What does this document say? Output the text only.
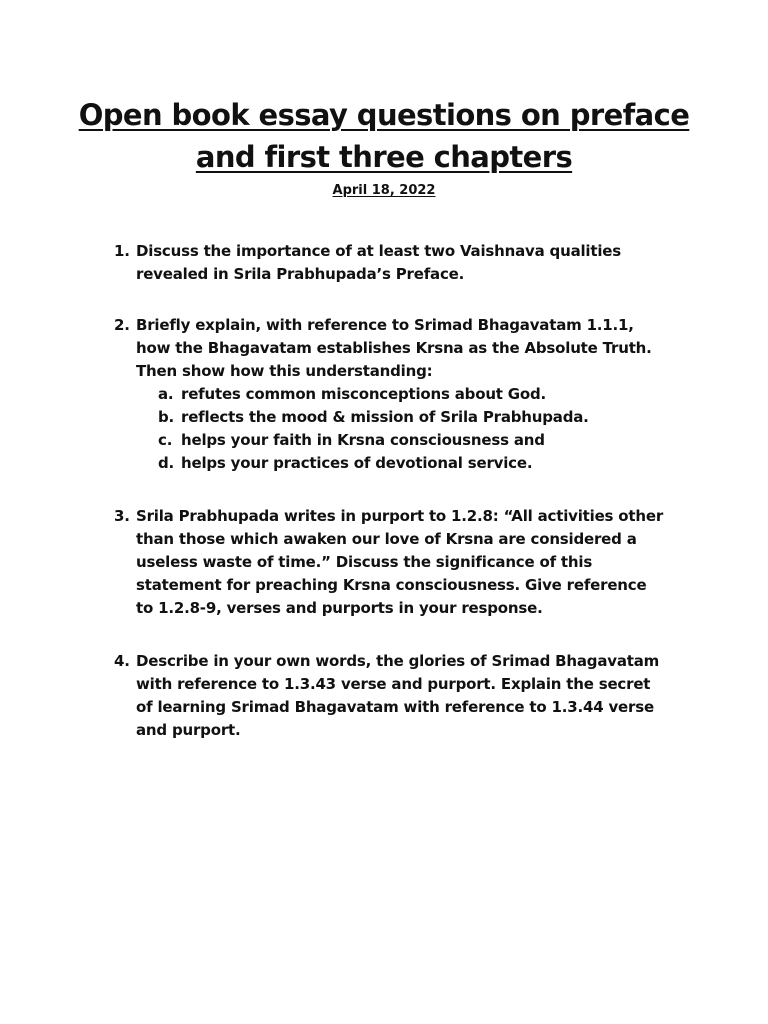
Open book essay questions on preface
and first three chapters
April 18, 2022
1. Discuss the importance of at least two Vaishnava qualities
revealed in Srila Prabhupada’s Preface.
2. Briefly explain, with reference to Srimad Bhagavatam 1.1.1,
how the Bhagavatam establishes Krsna as the Absolute Truth.
Then show how this understanding:
a. refutes common misconceptions about God.
b. reflects the mood & mission of Srila Prabhupada.
c. helps your faith in Krsna consciousness and
d. helps your practices of devotional service.
3. Srila Prabhupada writes in purport to 1.2.8: “All activities other
than those which awaken our love of Krsna are considered a
useless waste of time.” Discuss the significance of this
statement for preaching Krsna consciousness. Give reference
to 1.2.8-9, verses and purports in your response.
4. Describe in your own words, the glories of Srimad Bhagavatam
with reference to 1.3.43 verse and purport. Explain the secret
of learning Srimad Bhagavatam with reference to 1.3.44 verse
and purport.
